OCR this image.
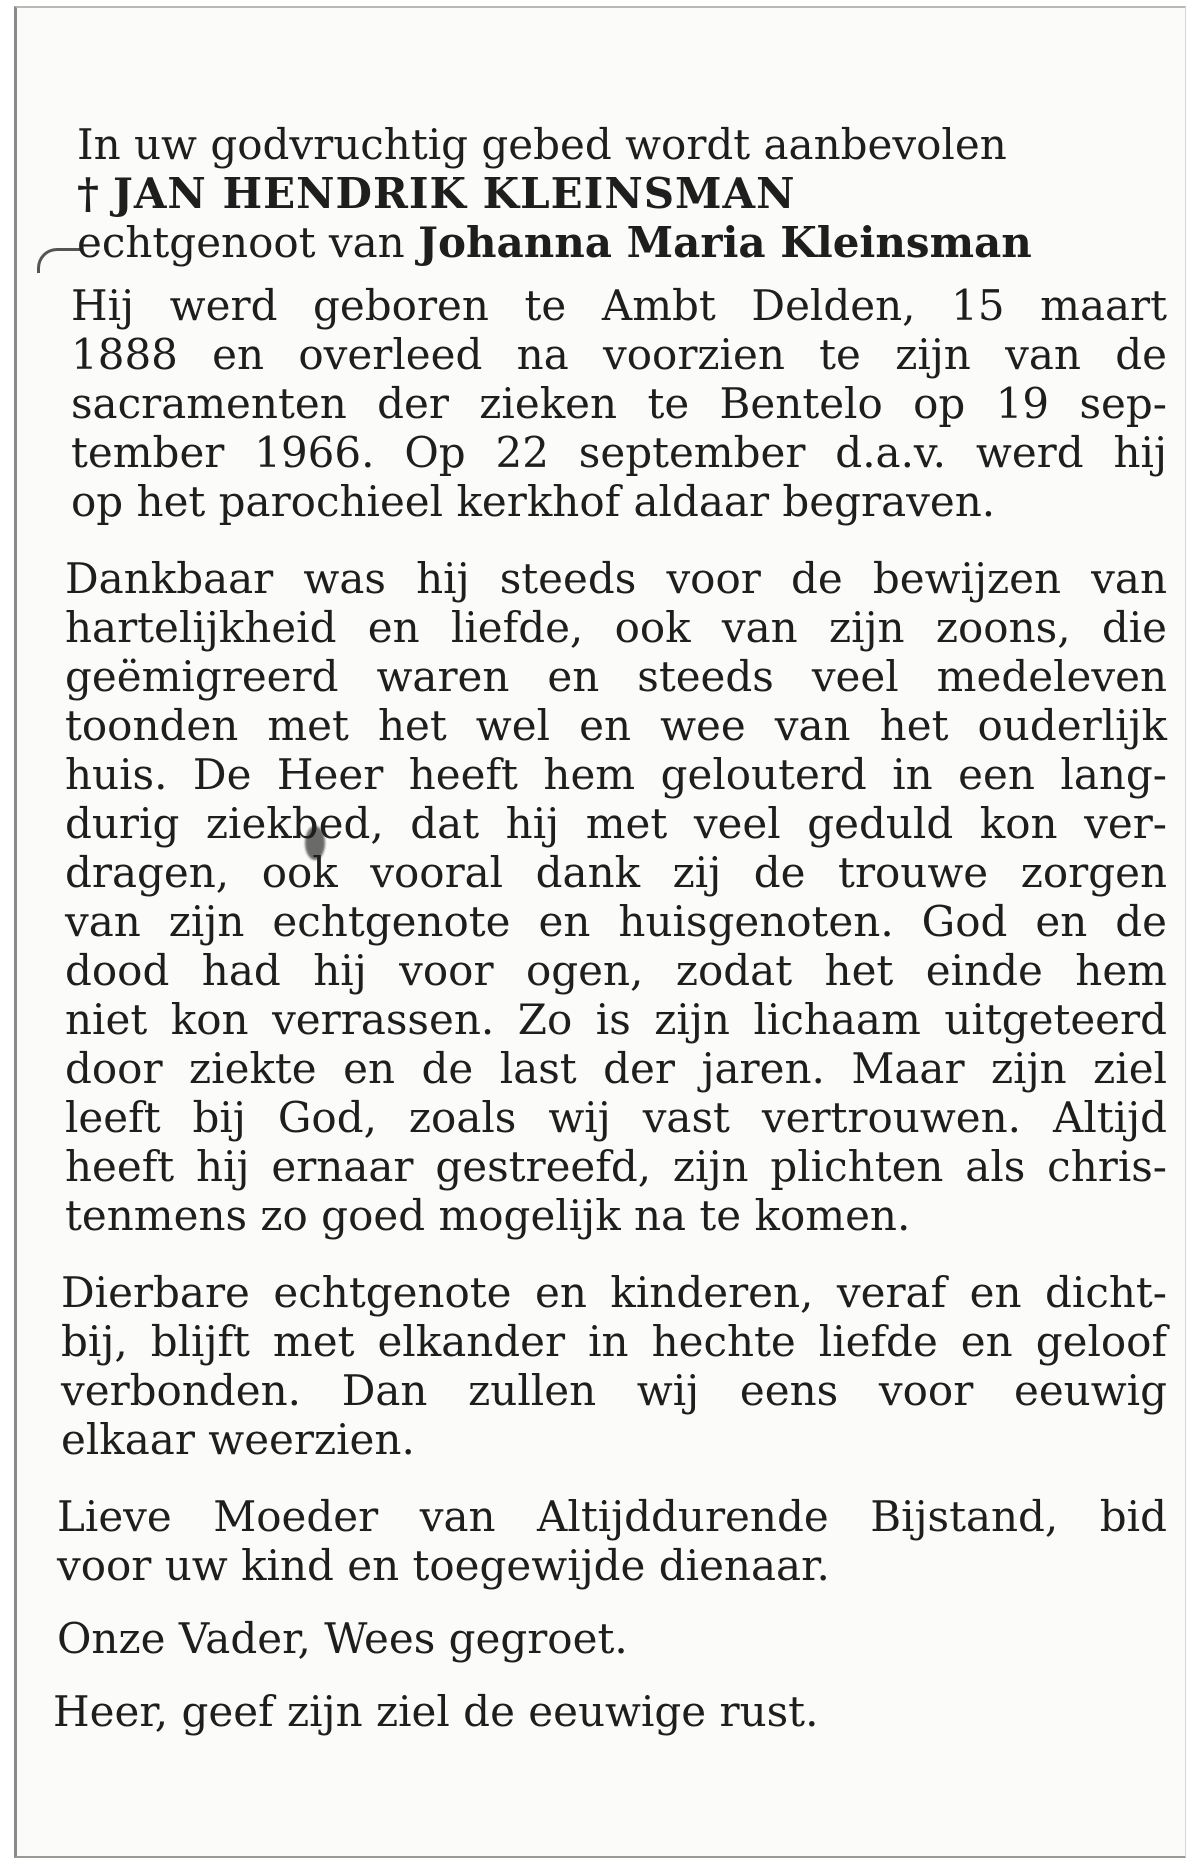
In uw godvruchtig gebed wordt aanbevolen
† JAN HENDRIK KLEINSMAN
echtgenoot van Johanna Maria Kleinsman
Hij werd geboren te Ambt Delden, 15 maart
1888 en overleed na voorzien te zijn van de
sacramenten der zieken te Bentelo op 19 sep-
tember 1966. Op 22 september d.a.v. werd hij
op het parochieel kerkhof aldaar begraven.
Dankbaar was hij steeds voor de bewijzen van
hartelijkheid en liefde, ook van zijn zoons, die
geëmigreerd waren en steeds veel medeleven
toonden met het wel en wee van het ouderlijk
huis. De Heer heeft hem gelouterd in een lang-
durig ziekbed, dat hij met veel geduld kon ver-
dragen, ook vooral dank zij de trouwe zorgen
van zijn echtgenote en huisgenoten. God en de
dood had hij voor ogen, zodat het einde hem
niet kon verrassen. Zo is zijn lichaam uitgeteerd
door ziekte en de last der jaren. Maar zijn ziel
leeft bij God, zoals wij vast vertrouwen. Altijd
heeft hij ernaar gestreefd, zijn plichten als chris-
tenmens zo goed mogelijk na te komen.
Dierbare echtgenote en kinderen, veraf en dicht-
bij, blijft met elkander in hechte liefde en geloof
verbonden. Dan zullen wij eens voor eeuwig
elkaar weerzien.
Lieve Moeder van Altijddurende Bijstand, bid
voor uw kind en toegewijde dienaar.
Onze Vader, Wees gegroet.
Heer, geef zijn ziel de eeuwige rust.
